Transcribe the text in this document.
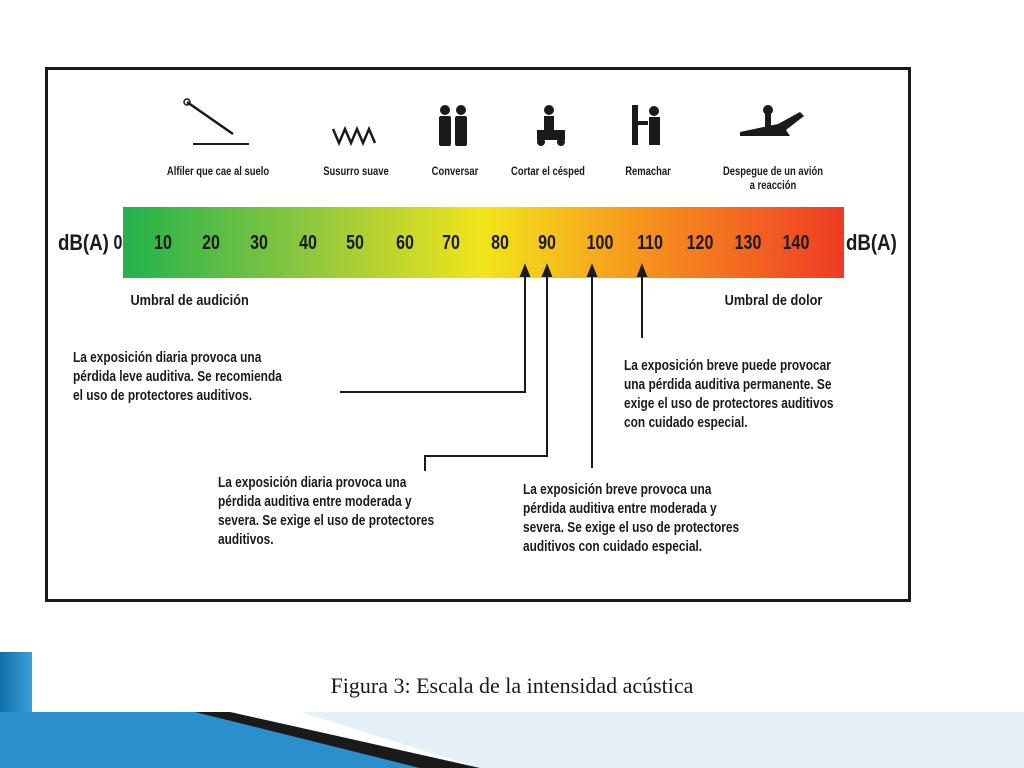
Alfiler que cae al suelo	Susurro suave	Conversar	Cortar el césped	Remachar	Despegue de un avión
a reacción
dB(A)	dB(A)
0	10	20	30	40	50	60	70	80	90	100	110	120	130	140
Umbral de audición	Umbral de dolor
La exposición diaria provoca una
pérdida leve auditiva. Se recomienda
el uso de protectores auditivos.
La exposición diaria provoca una
pérdida auditiva entre moderada y
severa. Se exige el uso de protectores
auditivos.
La exposición breve provoca una
pérdida auditiva entre moderada y
severa. Se exige el uso de protectores
auditivos con cuidado especial.
La exposición breve puede provocar
una pérdida auditiva permanente. Se
exige el uso de protectores auditivos
con cuidado especial.
Figura 3: Escala de la intensidad acústica
